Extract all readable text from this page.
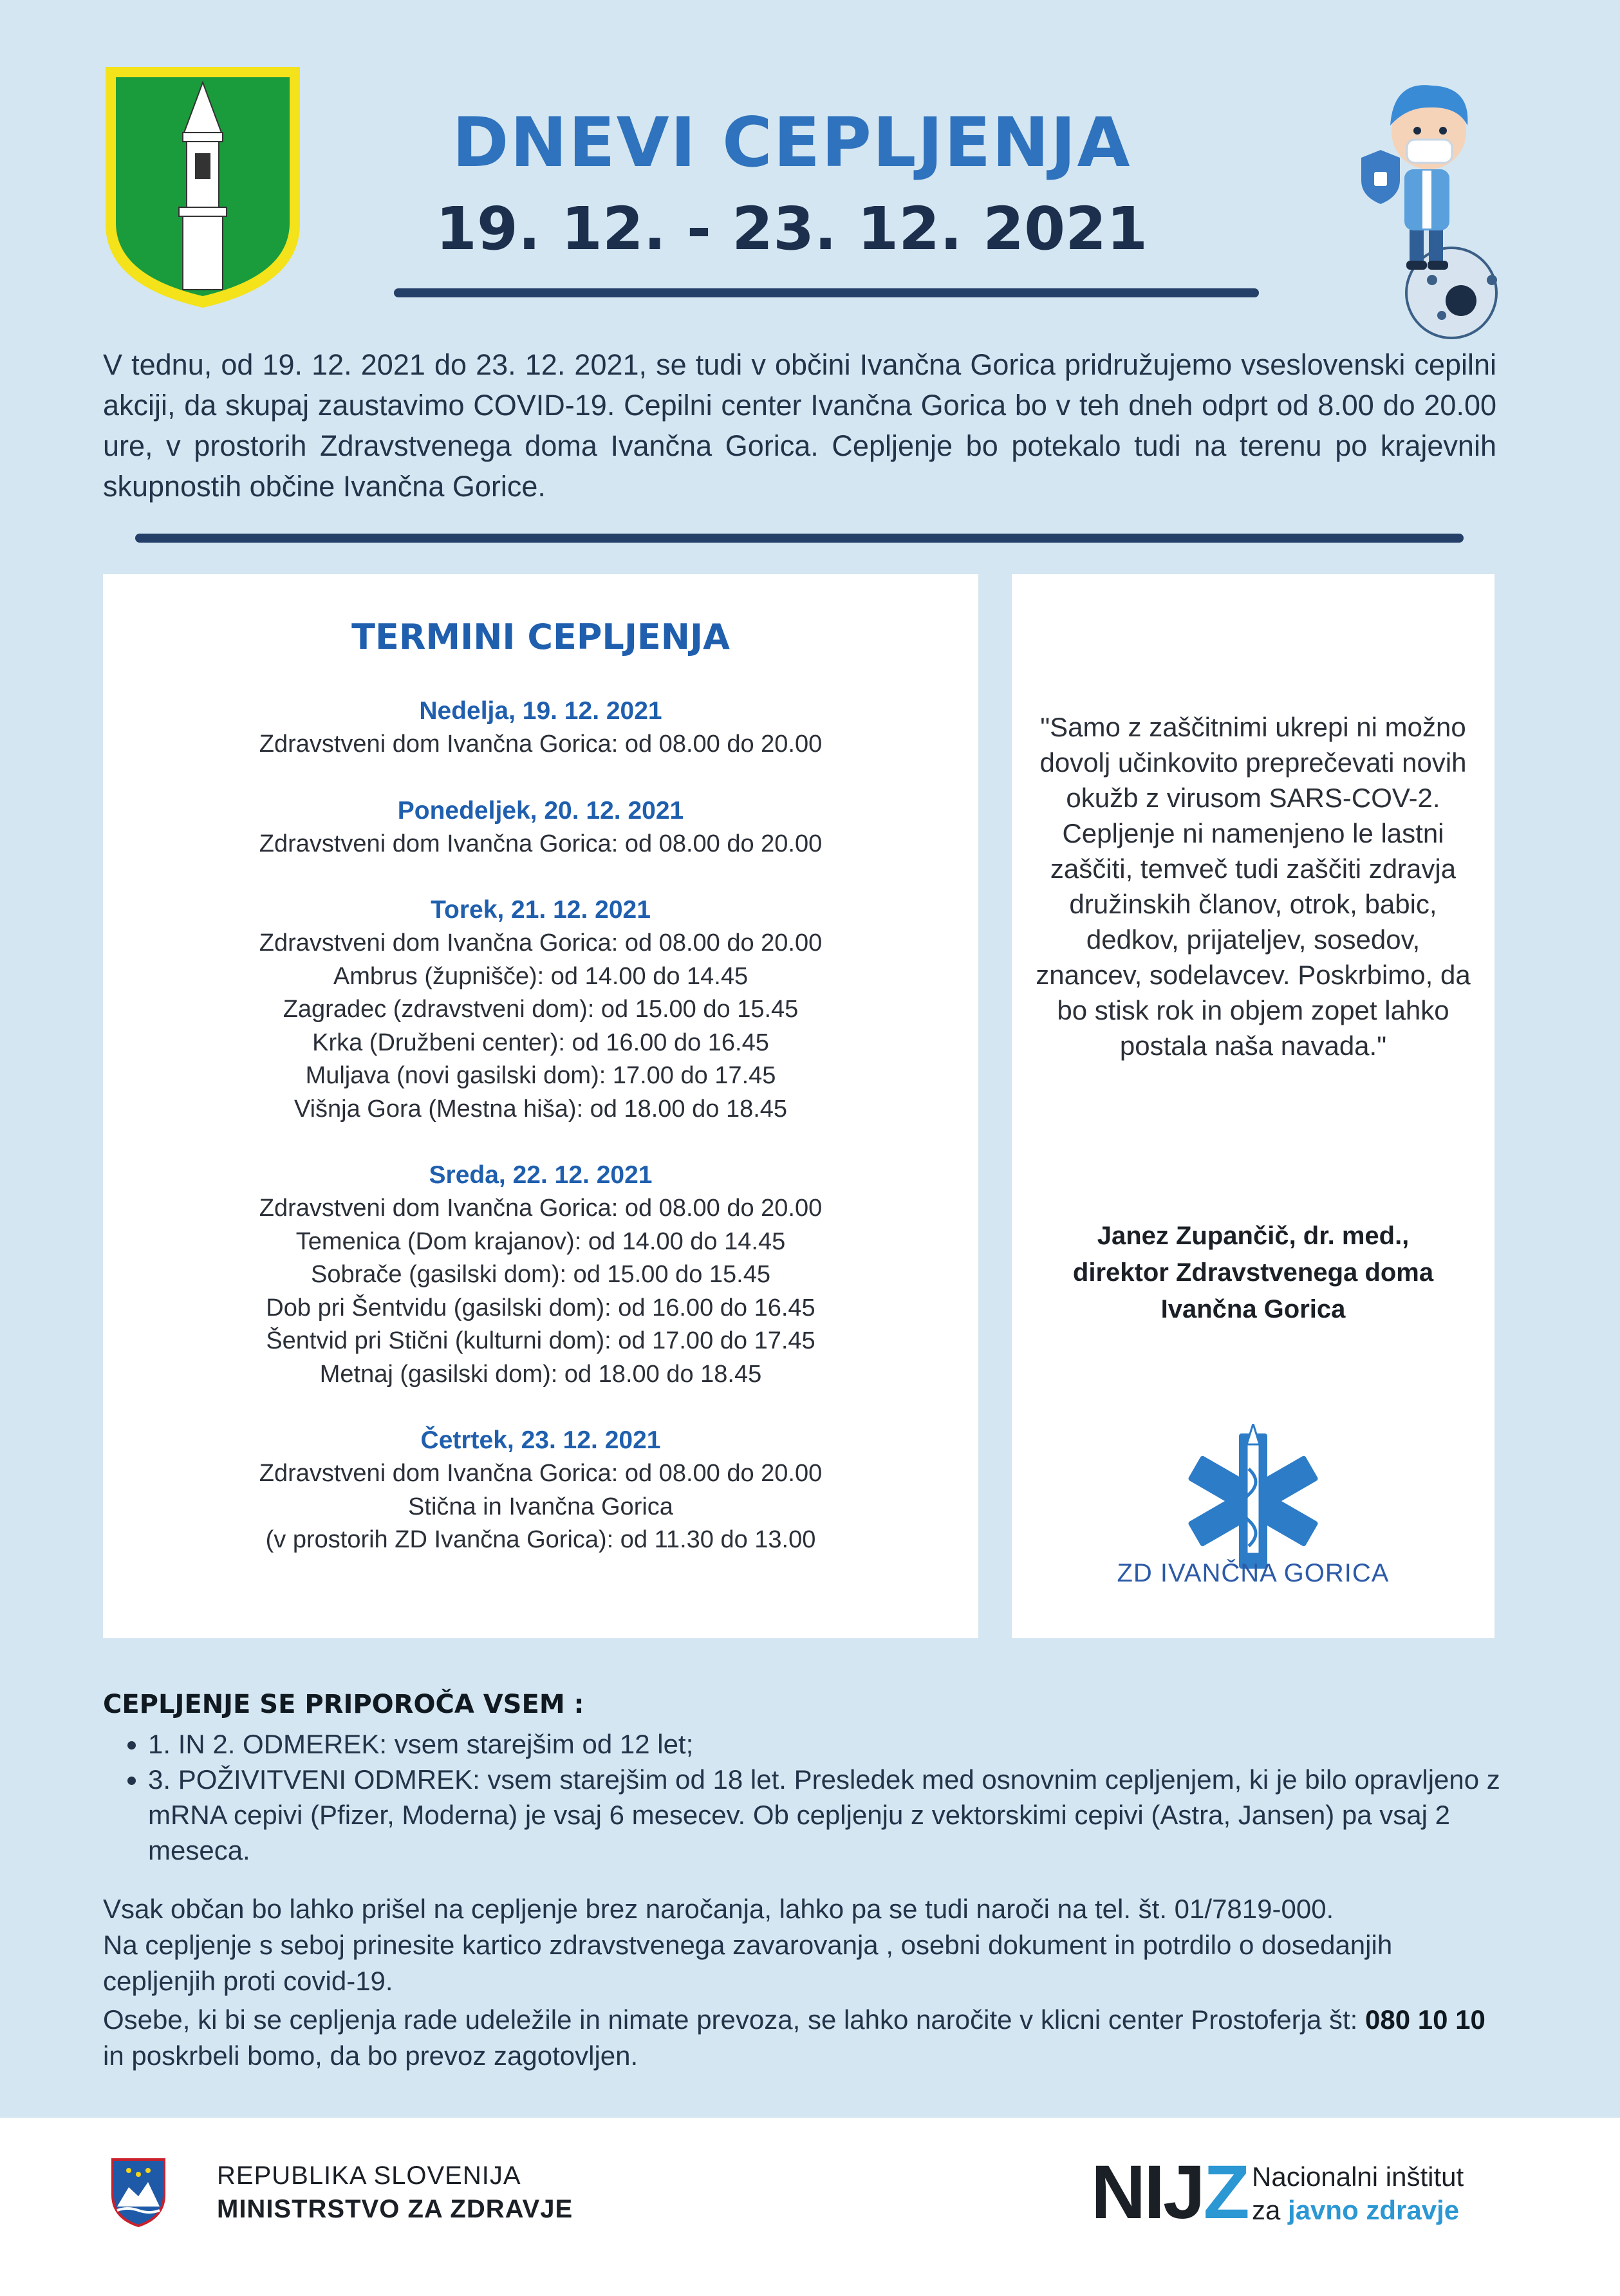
DNEVI CEPLJENJA
19. 12. - 23. 12. 2021
V tednu, od 19. 12. 2021 do 23. 12. 2021, se tudi v občini Ivančna Gorica pridružujemo vseslovenski cepilni akciji, da skupaj zaustavimo COVID-19. Cepilni center Ivančna Gorica bo v teh dneh odprt od 8.00 do 20.00 ure, v prostorih Zdravstvenega doma Ivančna Gorica. Cepljenje bo potekalo tudi na terenu po krajevnih skupnostih občine Ivančna Gorice.
TERMINI CEPLJENJA
Nedelja, 19. 12. 2021
Zdravstveni dom Ivančna Gorica: od 08.00 do 20.00
Ponedeljek, 20. 12. 2021
Zdravstveni dom Ivančna Gorica: od 08.00 do 20.00
Torek, 21. 12. 2021
Zdravstveni dom Ivančna Gorica: od 08.00 do 20.00
Ambrus (župnišče): od 14.00 do 14.45
Zagradec (zdravstveni dom): od 15.00 do 15.45
Krka (Družbeni center): od 16.00 do 16.45
Muljava (novi gasilski dom): 17.00 do 17.45
Višnja Gora (Mestna hiša): od 18.00 do 18.45
Sreda, 22. 12. 2021
Zdravstveni dom Ivančna Gorica: od 08.00 do 20.00
Temenica (Dom krajanov): od 14.00 do 14.45
Sobrače (gasilski dom): od 15.00 do 15.45
Dob pri Šentvidu (gasilski dom): od 16.00 do 16.45
Šentvid pri Stični (kulturni dom): od 17.00 do 17.45
Metnaj (gasilski dom): od 18.00 do 18.45
Četrtek, 23. 12. 2021
Zdravstveni dom Ivančna Gorica: od 08.00 do 20.00
Stična in Ivančna Gorica
(v prostorih ZD Ivančna Gorica): od 11.30 do 13.00
"Samo z zaščitnimi ukrepi ni možno dovolj učinkovito preprečevati novih okužb z virusom SARS-COV-2. Cepljenje ni namenjeno le lastni zaščiti, temveč tudi zaščiti zdravja družinskih članov, otrok, babic, dedkov, prijateljev, sosedov, znancev, sodelavcev. Poskrbimo, da bo stisk rok in objem zopet lahko postala naša navada."
Janez Zupančič, dr. med.,
direktor Zdravstvenega doma
Ivančna Gorica
ZD IVANČNA GORICA
CEPLJENJE SE PRIPOROČA VSEM :
• 1. IN 2. ODMEREK: vsem starejšim od 12 let;
• 3. POŽIVITVENI ODMREK: vsem starejšim od 18 let. Presledek med osnovnim cepljenjem, ki je bilo opravljeno z mRNA cepivi (Pfizer, Moderna) je vsaj 6 mesecev. Ob cepljenju z vektorskimi cepivi (Astra, Jansen) pa vsaj 2 meseca.
Vsak občan bo lahko prišel na cepljenje brez naročanja, lahko pa se tudi naroči na tel. št. 01/7819-000.
Na cepljenje s seboj prinesite kartico zdravstvenega zavarovanja , osebni dokument in potrdilo o dosedanjih cepljenjih proti covid-19.
Osebe, ki bi se cepljenja rade udeležile in nimate prevoza, se lahko naročite v klicni center Prostoferja št: 080 10 10 in poskrbeli bomo, da bo prevoz zagotovljen.
REPUBLIKA SLOVENIJA
MINISTRSTVO ZA ZDRAVJE	NIJZ Nacionalni inštitut
za javno zdravje
